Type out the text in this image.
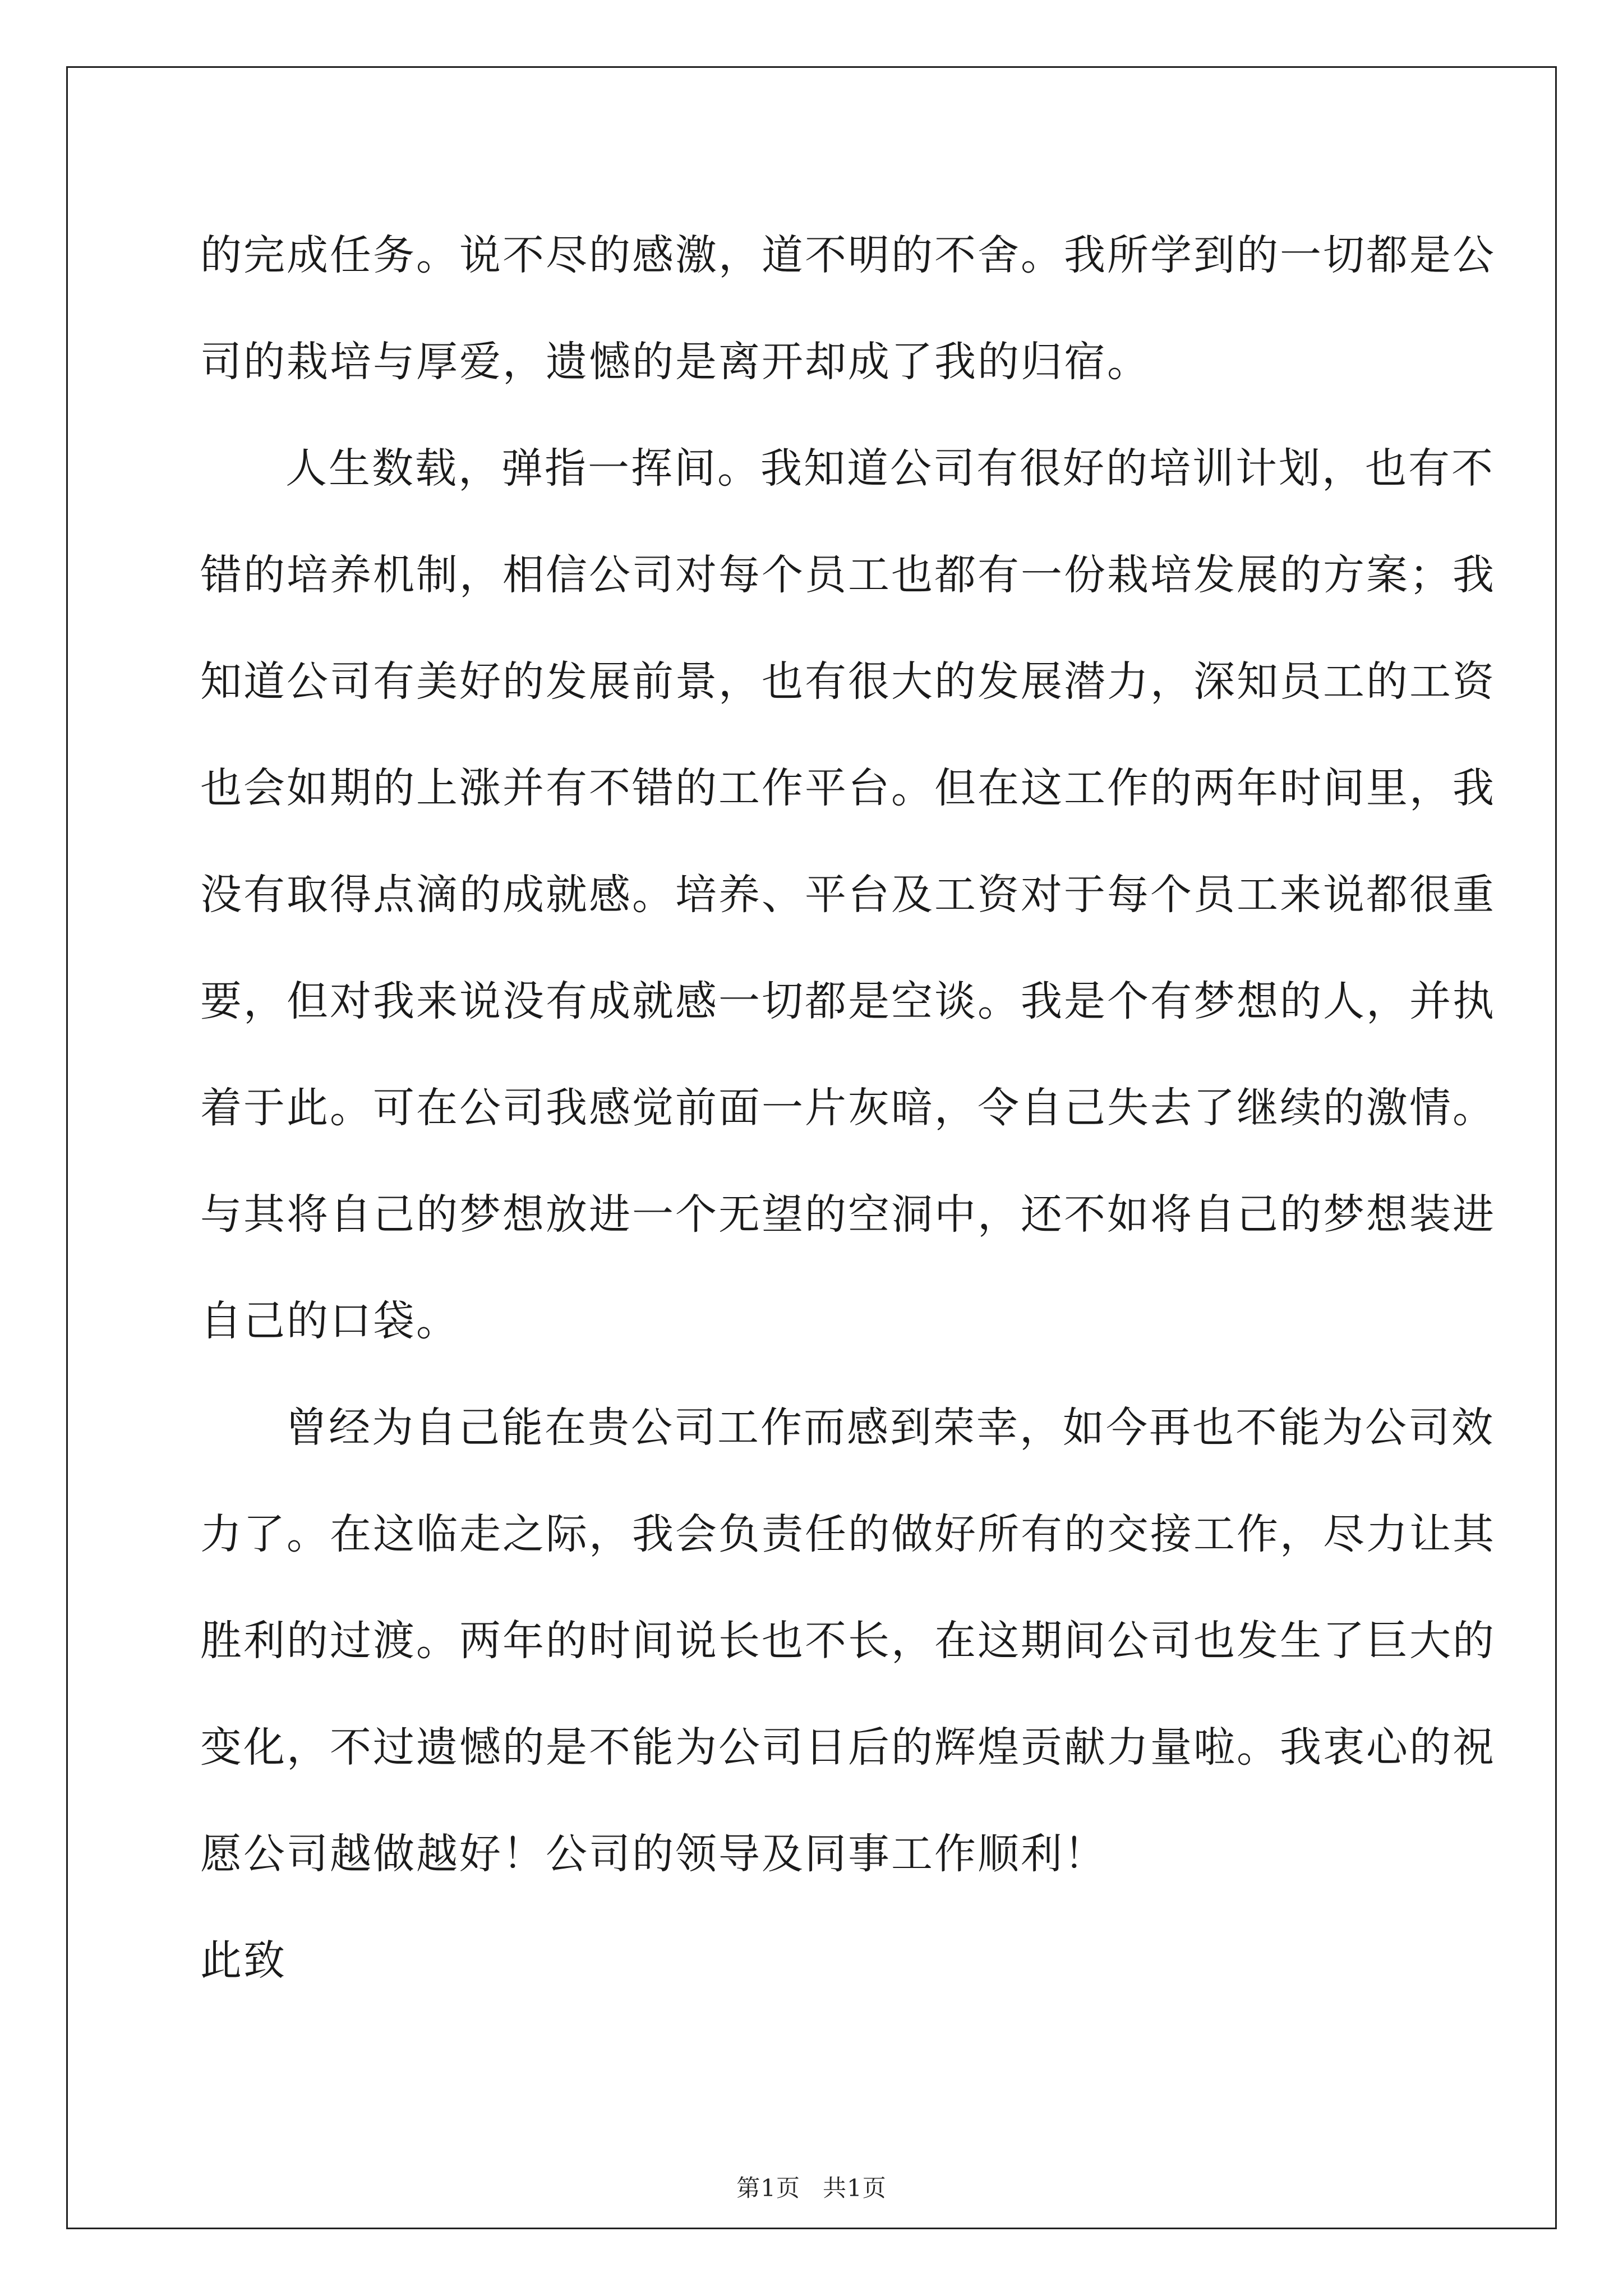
的完成任务。说不尽的感激，道不明的不舍。我所学到的一切都是公
司的栽培与厚爱，遗憾的是离开却成了我的归宿。
人生数载，弹指一挥间。我知道公司有很好的培训计划，也有不
错的培养机制，相信公司对每个员工也都有一份栽培发展的方案；我
知道公司有美好的发展前景，也有很大的发展潜力，深知员工的工资
也会如期的上涨并有不错的工作平台。但在这工作的两年时间里，我
没有取得点滴的成就感。培养、平台及工资对于每个员工来说都很重
要，但对我来说没有成就感一切都是空谈。我是个有梦想的人，并执
着于此。可在公司我感觉前面一片灰暗，令自己失去了继续的激情。
与其将自己的梦想放进一个无望的空洞中，还不如将自己的梦想装进
自己的口袋。
曾经为自己能在贵公司工作而感到荣幸，如今再也不能为公司效
力了。在这临走之际，我会负责任的做好所有的交接工作，尽力让其
胜利的过渡。两年的时间说长也不长，在这期间公司也发生了巨大的
变化，不过遗憾的是不能为公司日后的辉煌贡献力量啦。我衷心的祝
愿公司越做越好！公司的领导及同事工作顺利！
此致
第1页 共1页
